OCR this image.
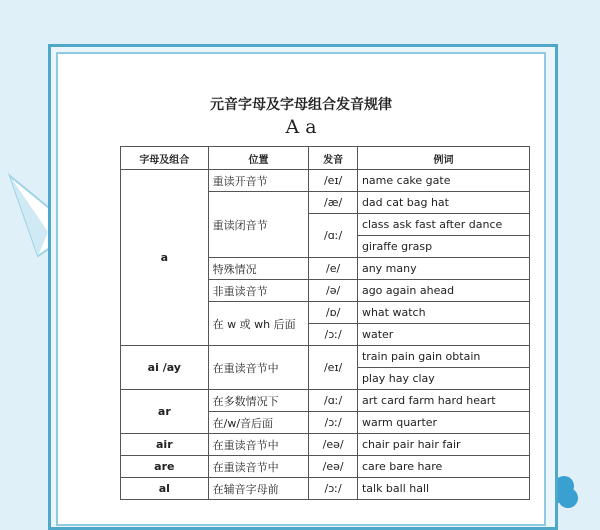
元音字母及字母组合发音规律
A a
字母及组合	位置	发音	例词
a	重读开音节	/eɪ/	name cake gate
	重读闭音节	/æ/	dad cat bag hat
		/ɑː/	class ask fast after dance
			giraffe grasp
	特殊情况	/e/	any many
	非重读音节	/ə/	ago again ahead
	在 w 或 wh 后面	/ɒ/	what watch
		/ɔː/	water
ai /ay	在重读音节中	/eɪ/	train pain gain obtain
			play hay clay
ar	在多数情况下	/ɑː/	art card farm hard heart
	在/w/音后面	/ɔː/	warm quarter
air	在重读音节中	/eə/	chair pair hair fair
are	在重读音节中	/eə/	care bare hare
al	在辅音字母前	/ɔː/	talk ball hall
